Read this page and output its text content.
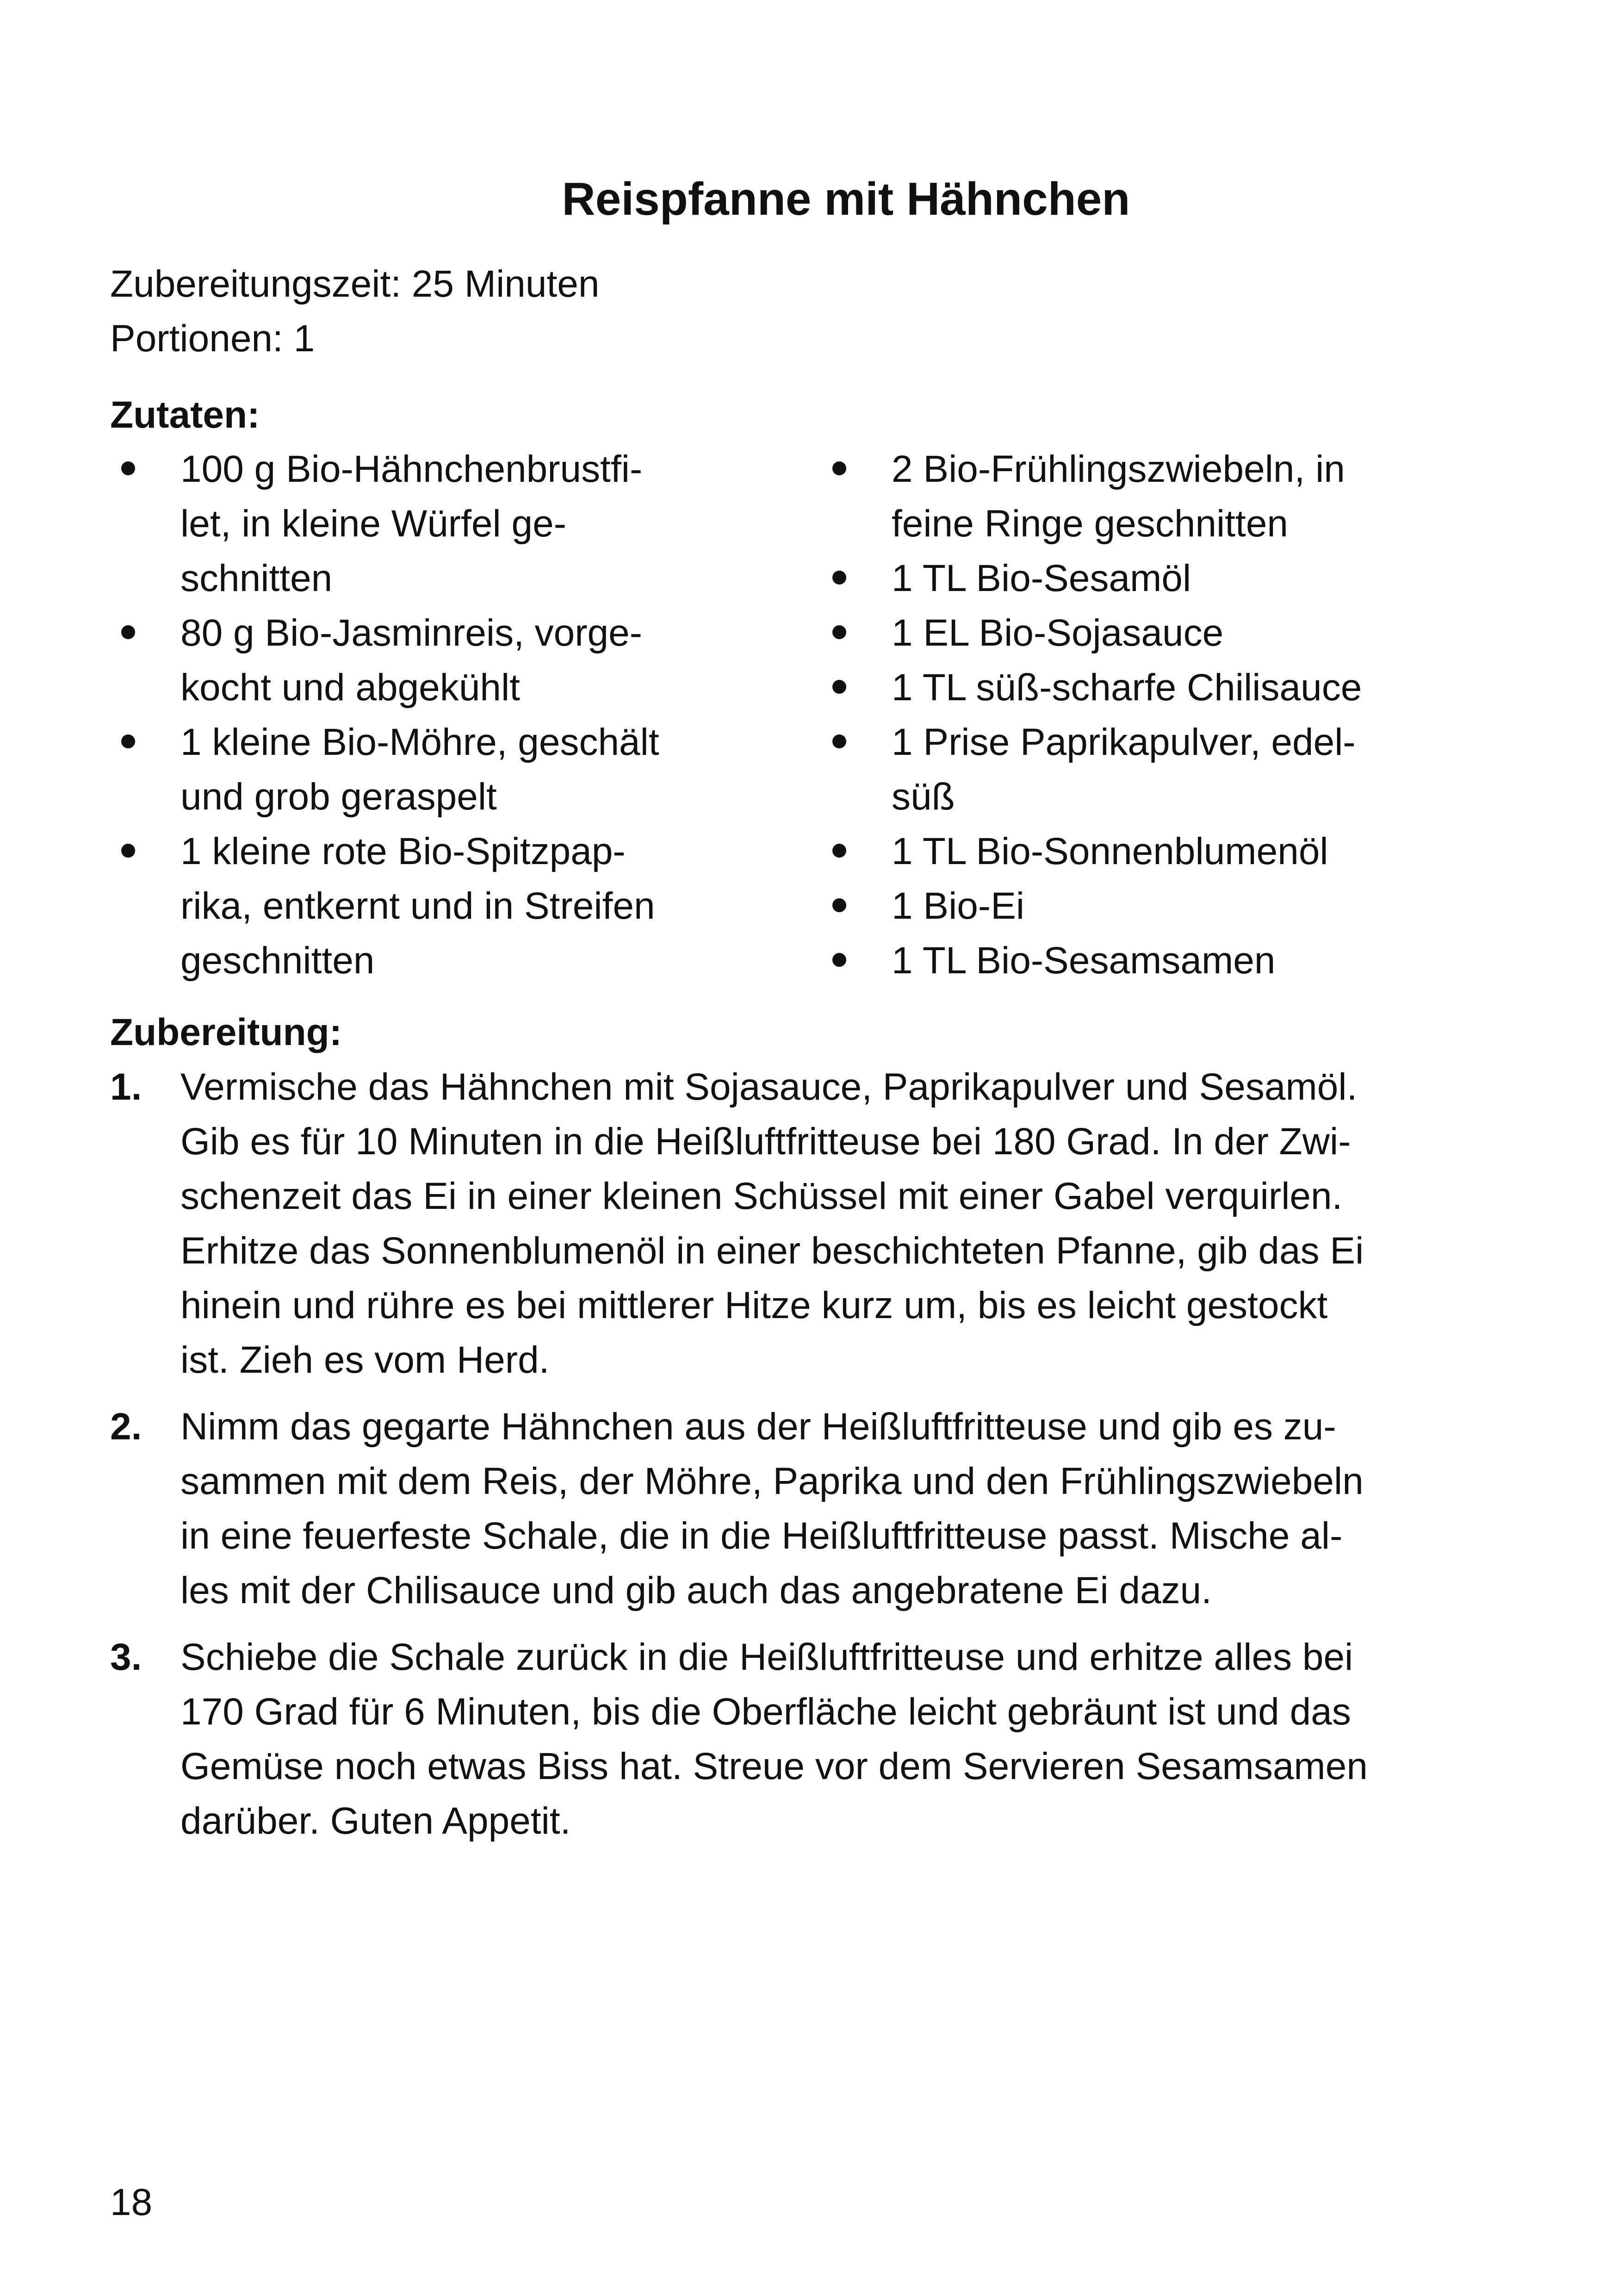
Reispfanne mit Hähnchen
Zubereitungszeit: 25 Minuten
Portionen: 1
Zutaten:
100 g Bio-Hähnchenbrustfi-
let, in kleine Würfel ge-
schnitten
80 g Bio-Jasminreis, vorge-
kocht und abgekühlt
1 kleine Bio-Möhre, geschält
und grob geraspelt
1 kleine rote Bio-Spitzpap-
rika, entkernt und in Streifen
geschnitten
2 Bio-Frühlingszwiebeln, in
feine Ringe geschnitten
1 TL Bio-Sesamöl
1 EL Bio-Sojasauce
1 TL süß-scharfe Chilisauce
1 Prise Paprikapulver, edel-
süß
1 TL Bio-Sonnenblumenöl
1 Bio-Ei
1 TL Bio-Sesamsamen
Zubereitung:
1. Vermische das Hähnchen mit Sojasauce, Paprikapulver und Sesamöl.
Gib es für 10 Minuten in die Heißluftfritteuse bei 180 Grad. In der Zwi-
schenzeit das Ei in einer kleinen Schüssel mit einer Gabel verquirlen.
Erhitze das Sonnenblumenöl in einer beschichteten Pfanne, gib das Ei
hinein und rühre es bei mittlerer Hitze kurz um, bis es leicht gestockt
ist. Zieh es vom Herd.
2. Nimm das gegarte Hähnchen aus der Heißluftfritteuse und gib es zu-
sammen mit dem Reis, der Möhre, Paprika und den Frühlingszwiebeln
in eine feuerfeste Schale, die in die Heißluftfritteuse passt. Mische al-
les mit der Chilisauce und gib auch das angebratene Ei dazu.
3. Schiebe die Schale zurück in die Heißluftfritteuse und erhitze alles bei
170 Grad für 6 Minuten, bis die Oberfläche leicht gebräunt ist und das
Gemüse noch etwas Biss hat. Streue vor dem Servieren Sesamsamen
darüber. Guten Appetit.
18
